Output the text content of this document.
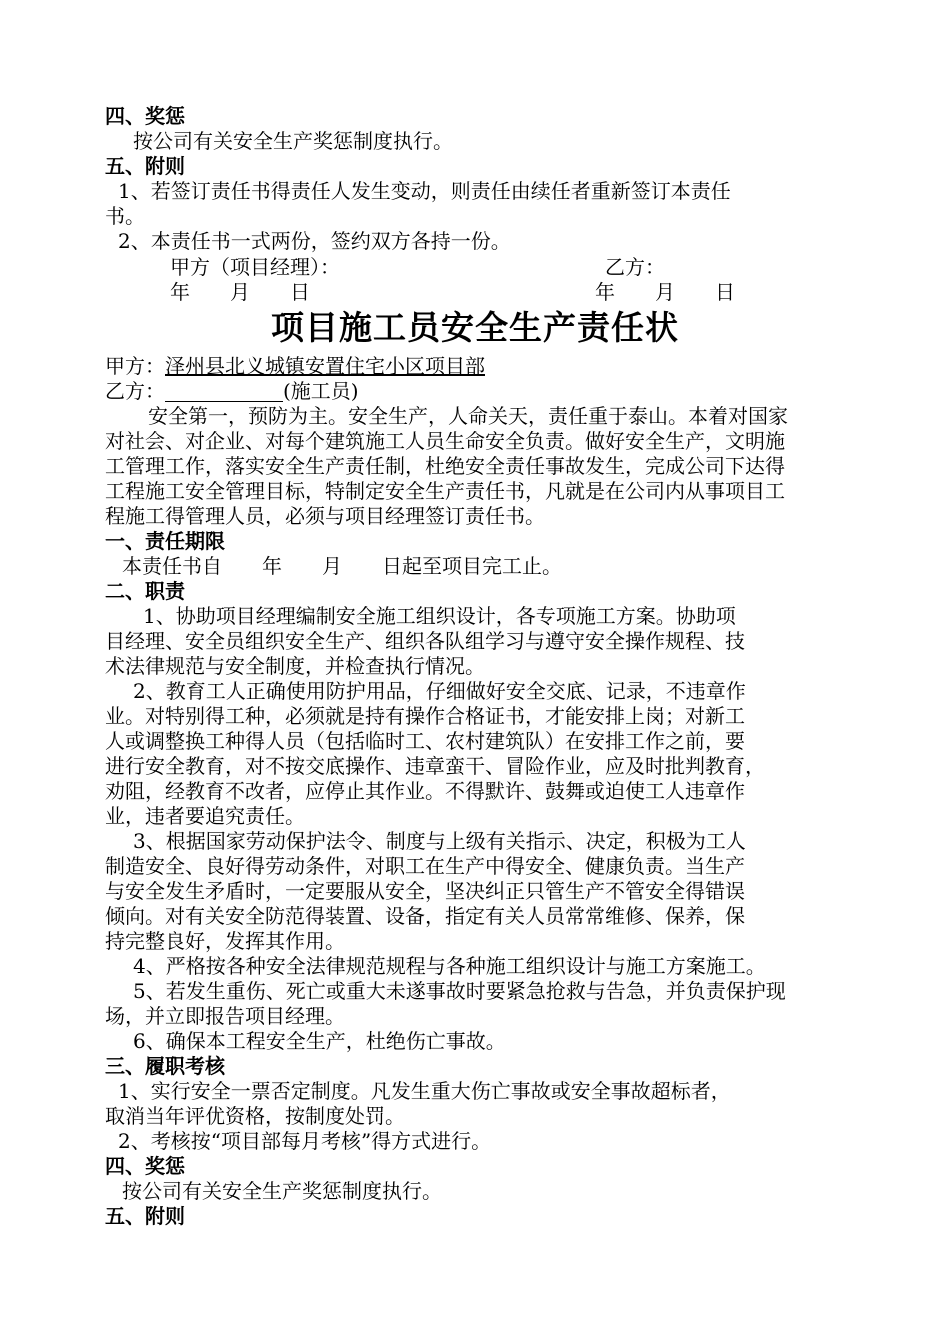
四、奖惩
按公司有关安全生产奖惩制度执行。
五、附则
1、若签订责任书得责任人发生变动，则责任由续任者重新签订本责任
书。
2、本责任书一式两份，签约双方各持一份。
甲方（项目经理）：	乙方：
年　　月　　日	年　　月　　日
项目施工员安全生产责任状
甲方：泽州县北义城镇安置住宅小区项目部
乙方：	(施工员)
安全第一，预防为主。安全生产，人命关天，责任重于泰山。本着对国家
对社会、对企业、对每个建筑施工人员生命安全负责。做好安全生产，文明施
工管理工作，落实安全生产责任制，杜绝安全责任事故发生，完成公司下达得
工程施工安全管理目标，特制定安全生产责任书，凡就是在公司内从事项目工
程施工得管理人员，必须与项目经理签订责任书。
一、责任期限
本责任书自　　年　　月　　日起至项目完工止。
二、职责
1、协助项目经理编制安全施工组织设计，各专项施工方案。协助项
目经理、安全员组织安全生产、组织各队组学习与遵守安全操作规程、技
术法律规范与安全制度，并检查执行情况。
2、教育工人正确使用防护用品，仔细做好安全交底、记录，不违章作
业。对特别得工种，必须就是持有操作合格证书，才能安排上岗；对新工
人或调整换工种得人员（包括临时工、农村建筑队）在安排工作之前，要
进行安全教育，对不按交底操作、违章蛮干、冒险作业，应及时批判教育，
劝阻，经教育不改者，应停止其作业。不得默许、鼓舞或迫使工人违章作
业，违者要追究责任。
3、根据国家劳动保护法令、制度与上级有关指示、决定，积极为工人
制造安全、良好得劳动条件，对职工在生产中得安全、健康负责。当生产
与安全发生矛盾时，一定要服从安全，坚决纠正只管生产不管安全得错误
倾向。对有关安全防范得装置、设备，指定有关人员常常维修、保养，保
持完整良好，发挥其作用。
4、严格按各种安全法律规范规程与各种施工组织设计与施工方案施工。
5、若发生重伤、死亡或重大未遂事故时要紧急抢救与告急，并负责保护现
场，并立即报告项目经理。
6、确保本工程安全生产，杜绝伤亡事故。
三、履职考核
1、实行安全一票否定制度。凡发生重大伤亡事故或安全事故超标者，
取消当年评优资格，按制度处罚。
2、考核按“项目部每月考核”得方式进行。
四、奖惩
按公司有关安全生产奖惩制度执行。
五、附则
